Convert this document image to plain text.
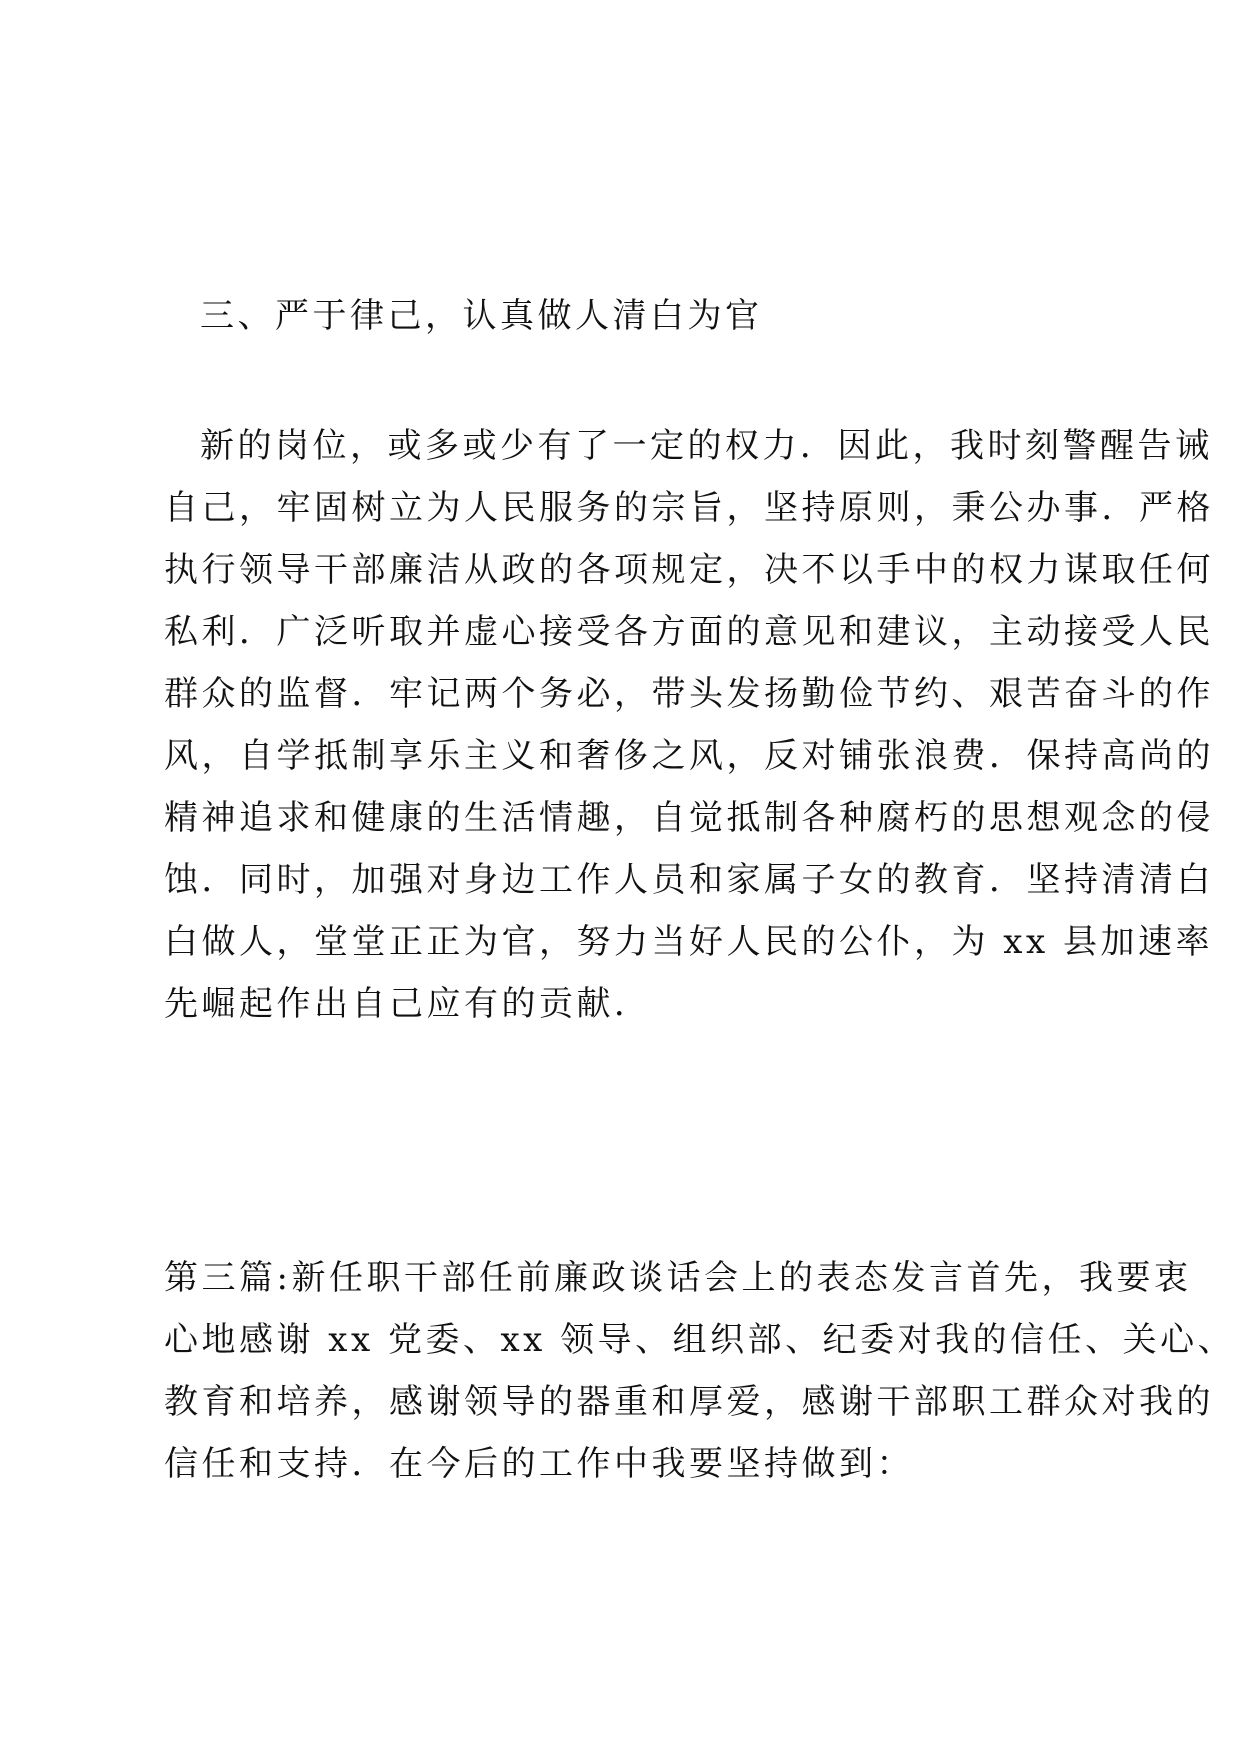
三、严于律己，认真做人清白为官
新的岗位，或多或少有了一定的权力．因此，我时刻警醒告诫
自己，牢固树立为人民服务的宗旨，坚持原则，秉公办事．严格
执行领导干部廉洁从政的各项规定，决不以手中的权力谋取任何
私利．广泛听取并虚心接受各方面的意见和建议，主动接受人民
群众的监督．牢记两个务必，带头发扬勤俭节约、艰苦奋斗的作
风，自学抵制享乐主义和奢侈之风，反对铺张浪费．保持高尚的
精神追求和健康的生活情趣，自觉抵制各种腐朽的思想观念的侵
蚀．同时，加强对身边工作人员和家属子女的教育．坚持清清白
白做人，堂堂正正为官，努力当好人民的公仆，为 xx 县加速率
先崛起作出自己应有的贡献．
第三篇:新任职干部任前廉政谈话会上的表态发言首先，我要衷
心地感谢 xx 党委、xx 领导、组织部、纪委对我的信任、关心、
教育和培养，感谢领导的器重和厚爱，感谢干部职工群众对我的
信任和支持．在今后的工作中我要坚持做到：
